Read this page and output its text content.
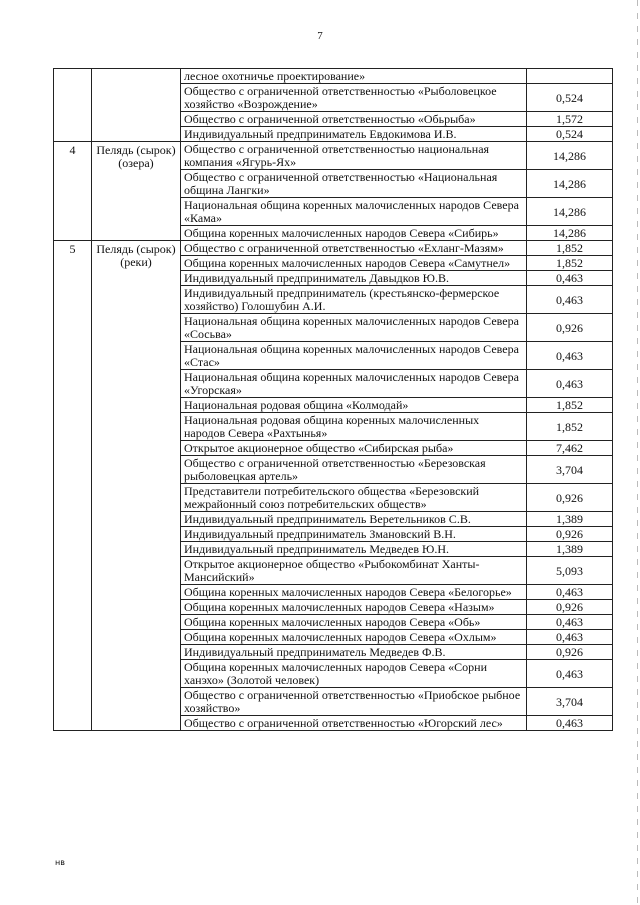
7
		лесное охотничье проектирование»	
		Общество с ограниченной ответственностью «Рыболовецкое хозяйство «Возрождение»	0,524
		Общество с ограниченной ответственностью «Обьрыба»	1,572
		Индивидуальный предприниматель Евдокимова И.В.	0,524
4	Пелядь (сырок) (озера)	Общество с ограниченной ответственностью национальная компания «Ягурь-Ях»	14,286
		Общество с ограниченной ответственностью «Национальная община Лангки»	14,286
		Национальная община коренных малочисленных народов Севера «Кама»	14,286
		Община коренных малочисленных народов Севера «Сибирь»	14,286
5	Пелядь (сырок) (реки)	Общество с ограниченной ответственностью «Ехланг-Мазям»	1,852
		Община коренных малочисленных народов Севера «Самутнел»	1,852
		Индивидуальный предприниматель Давыдков Ю.В.	0,463
		Индивидуальный предприниматель (крестьянско-фермерское хозяйство) Голошубин А.И.	0,463
		Национальная община коренных малочисленных народов Севера «Сосьва»	0,926
		Национальная община коренных малочисленных народов Севера «Стас»	0,463
		Национальная община коренных малочисленных народов Севера «Угорская»	0,463
		Национальная родовая община «Колмодай»	1,852
		Национальная родовая община коренных малочисленных народов Севера «Рахтынья»	1,852
		Открытое акционерное общество «Сибирская рыба»	7,462
		Общество с ограниченной ответственностью «Березовская рыболовецкая артель»	3,704
		Представители потребительского общества «Березовский межрайонный союз потребительских обществ»	0,926
		Индивидуальный предприниматель Веретельников С.В.	1,389
		Индивидуальный предприниматель Змановский В.Н.	0,926
		Индивидуальный предприниматель Медведев Ю.Н.	1,389
		Открытое акционерное общество «Рыбокомбинат Ханты-Мансийский»	5,093
		Община коренных малочисленных народов Севера «Белогорье»	0,463
		Община коренных малочисленных народов Севера «Назым»	0,926
		Община коренных малочисленных народов Севера «Обь»	0,463
		Община коренных малочисленных народов Севера «Охлым»	0,463
		Индивидуальный предприниматель Медведев Ф.В.	0,926
		Община коренных малочисленных народов Севера «Сорни ханэхо» (Золотой человек)	0,463
		Общество с ограниченной ответственностью «Приобское рыбное хозяйство»	3,704
		Общество с ограниченной ответственностью «Югорский лес»	0,463
нв
